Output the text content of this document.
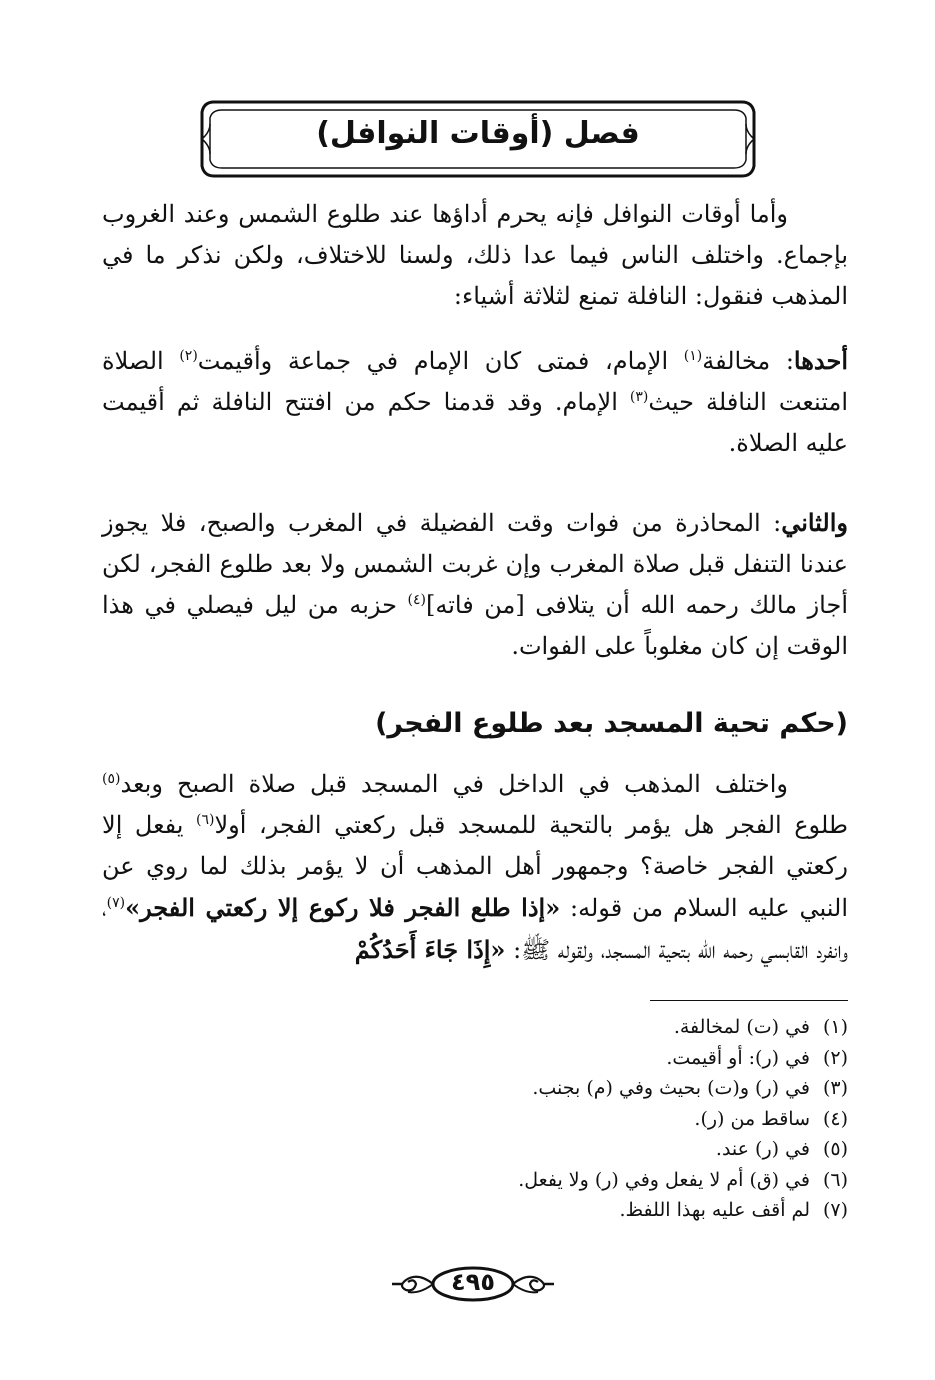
فصل (أوقات النوافل)

وأما أوقات النوافل فإنه يحرم أداؤها عند طلوع الشمس وعند الغروب بإجماع. واختلف الناس فيما عدا ذلك، ولسنا للاختلاف، ولكن نذكر ما في المذهب فنقول: النافلة تمنع لثلاثة أشياء:

أحدها: مخالفة$^{(١)}$ الإمام، فمتى كان الإمام في جماعة وأقيمت$^{(٢)}$ الصلاة امتنعت النافلة حيث$^{(٣)}$ الإمام. وقد قدمنا حكم من افتتح النافلة ثم أقيمت عليه الصلاة.

والثاني: المحاذرة من فوات وقت الفضيلة في المغرب والصبح، فلا يجوز عندنا التنفل قبل صلاة المغرب وإن غربت الشمس ولا بعد طلوع الفجر، لكن أجاز مالك رحمه الله أن يتلافى [من فاته]$^{(٤)}$ حزبه من ليل فيصلي في هذا الوقت إن كان مغلوباً على الفوات.

(حكم تحية المسجد بعد طلوع الفجر)

واختلف المذهب في الداخل في المسجد قبل صلاة الصبح وبعد$^{(٥)}$ طلوع الفجر هل يؤمر بالتحية للمسجد قبل ركعتي الفجر، أولا$^{(٦)}$ يفعل إلا ركعتي الفجر خاصة؟ وجمهور أهل المذهب أن لا يؤمر بذلك لما روي عن النبي عليه السلام من قوله: «إذا طلع الفجر فلا ركوع إلا ركعتي الفجر»$^{(٧)}$، وانفرد القابسي رحمه الله بتحية المسجد، ولقوله ﷺ: «إِذَا جَاءَ أَحَدُكُمْ

(١)في (ت) لمخالفة.
(٢)في (ر): أو أقيمت.
(٣)في (ر) و(ت) بحيث وفي (م) بجنب.
(٤)ساقط من (ر).
(٥)في (ر) عند.
(٦)في (ق) أم لا يفعل وفي (ر) ولا يفعل.
(٧)لم أقف عليه بهذا اللفظ.
٤٩٥
